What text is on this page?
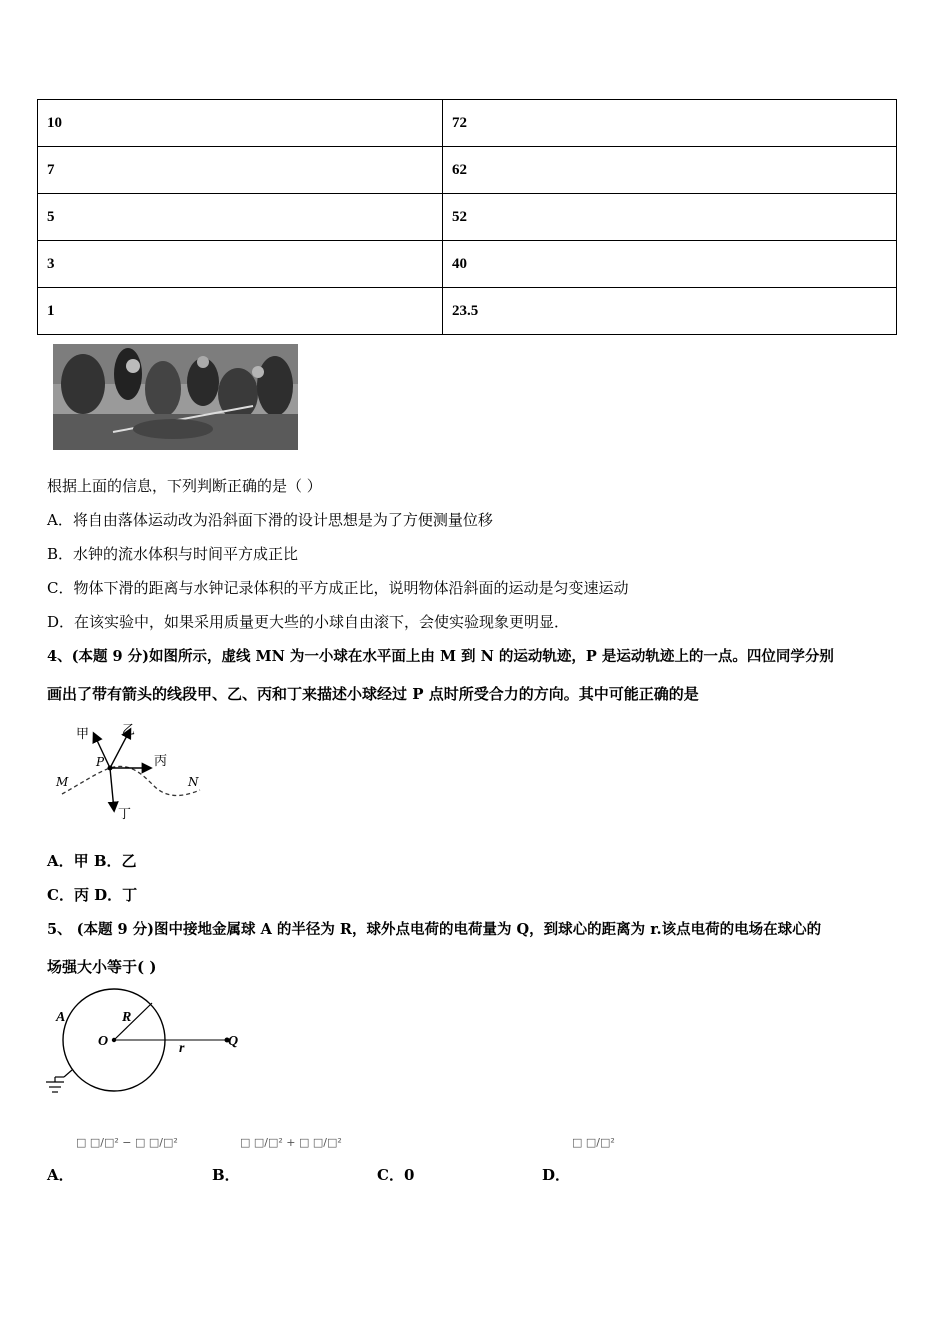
10	72
7	62
5	52
3	40
1	23.5
根据上面的信息，下列判断正确的是（ ）
A．将自由落体运动改为沿斜面下滑的设计思想是为了方便测量位移
B．水钟的流水体积与时间平方成正比
C．物体下滑的距离与水钟记录体积的平方成正比，说明物体沿斜面的运动是匀变速运动
D．在该实验中，如果采用质量更大些的小球自由滚下，会使实验现象更明显．
4、(本题 9 分)如图所示，虚线 MN 为一小球在水平面上由 M 到 N 的运动轨迹，P 是运动轨迹上的一点。四位同学分别
画出了带有箭头的线段甲、乙、丙和丁来描述小球经过 P 点时所受合力的方向。其中可能正确的是
甲	乙
丙
丁
P
M	N
A．甲 B．乙
C．丙 D．丁
5、 (本题 9 分)图中接地金属球 A 的半径为 R，球外点电荷的电荷量为 Q，到球心的距离为 r.该点电荷的电场在球心的
场强大小等于( )
A	R
O	r	Q
□ □/□² − □ □/□²
A．
□ □/□² + □ □/□²
B．	C．0
□ □/□²
D．
